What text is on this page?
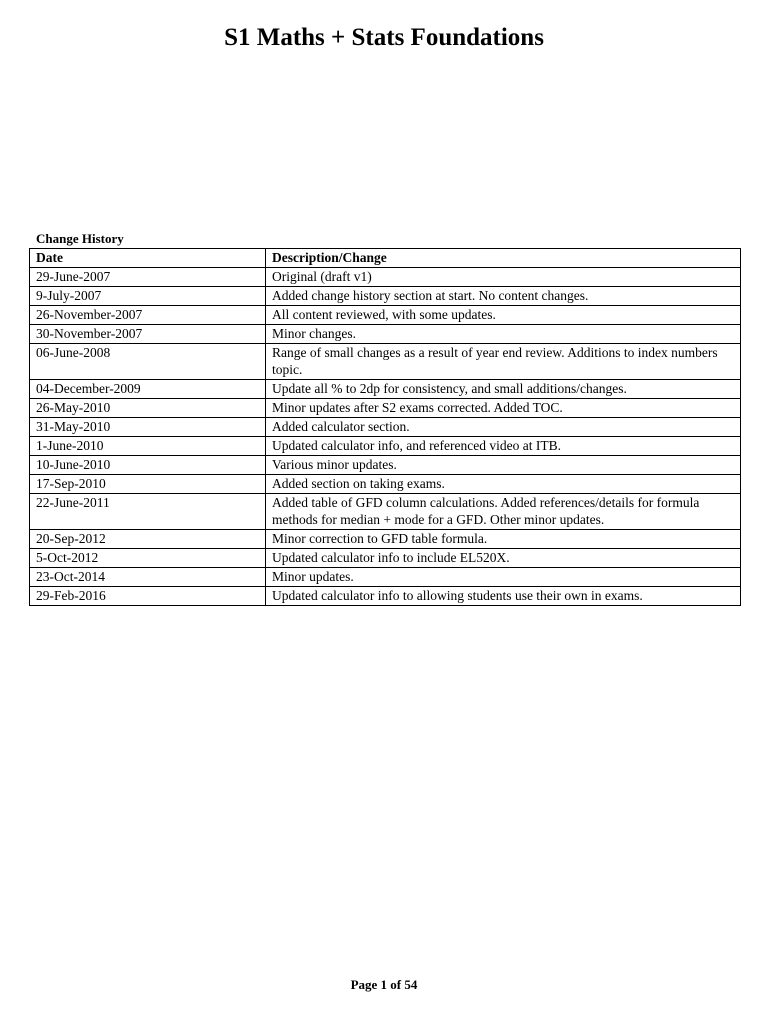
S1 Maths + Stats Foundations
Change History
Date	Description/Change
29-June-2007	Original (draft v1)
9-July-2007	Added change history section at start. No content changes.
26-November-2007	All content reviewed, with some updates.
30-November-2007	Minor changes.
06-June-2008	Range of small changes as a result of year end review. Additions to index numbers topic.
04-December-2009	Update all % to 2dp for consistency, and small additions/changes.
26-May-2010	Minor updates after S2 exams corrected. Added TOC.
31-May-2010	Added calculator section.
1-June-2010	Updated calculator info, and referenced video at ITB.
10-June-2010	Various minor updates.
17-Sep-2010	Added section on taking exams.
22-June-2011	Added table of GFD column calculations. Added references/details for formula methods for median + mode for a GFD. Other minor updates.
20-Sep-2012	Minor correction to GFD table formula.
5-Oct-2012	Updated calculator info to include EL520X.
23-Oct-2014	Minor updates.
29-Feb-2016	Updated calculator info to allowing students use their own in exams.
Page 1 of 54
